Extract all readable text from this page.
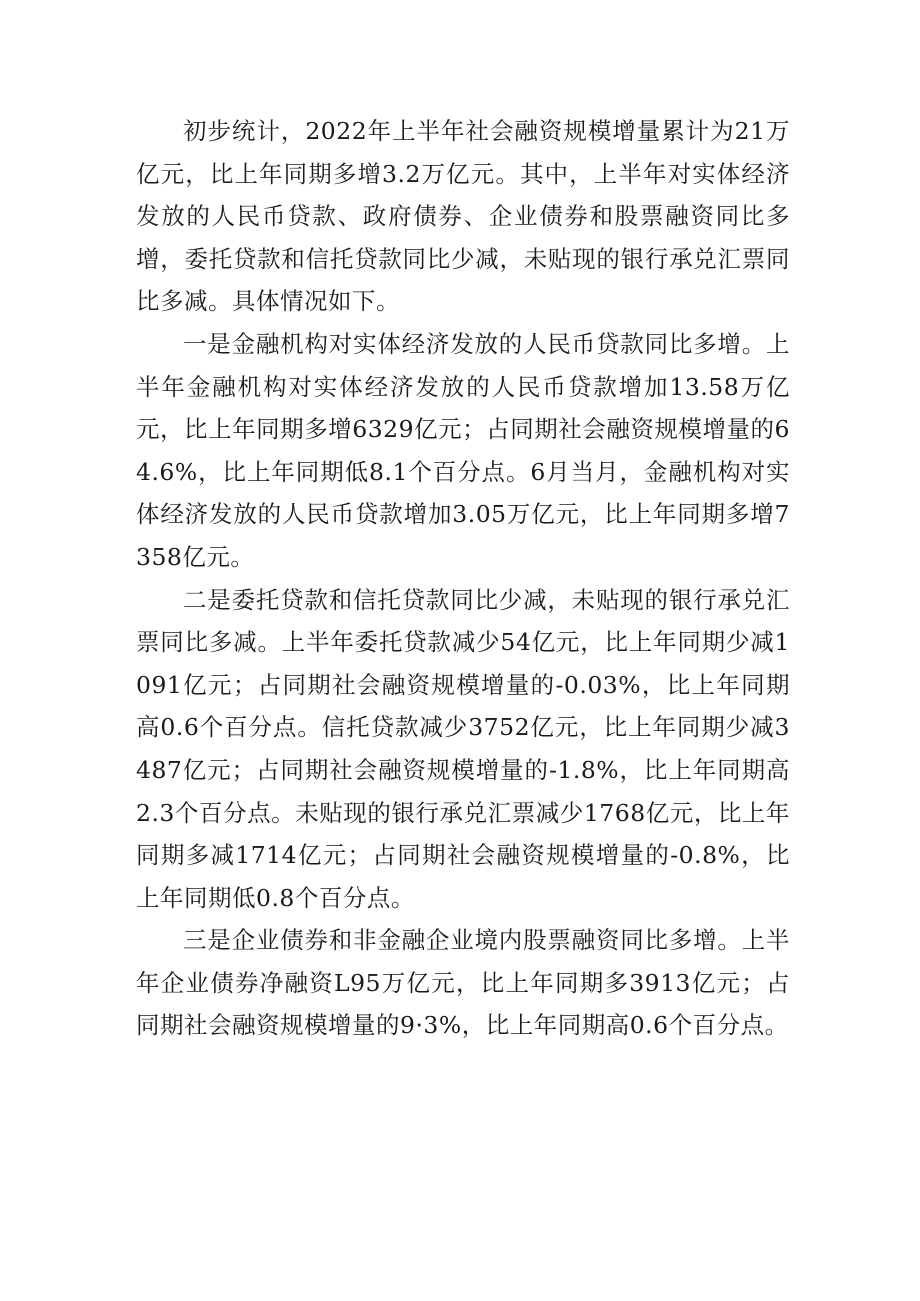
初步统计，2022年上半年社会融资规模增量累计为21万亿元，比上年同期多增3.2万亿元。其中，上半年对实体经济发放的人民币贷款、政府债券、企业债券和股票融资同比多增，委托贷款和信托贷款同比少减，未贴现的银行承兑汇票同比多减。具体情况如下。

一是金融机构对实体经济发放的人民币贷款同比多增。上半年金融机构对实体经济发放的人民币贷款增加13.58万亿元，比上年同期多增6329亿元；占同期社会融资规模增量的64.6%，比上年同期低8.1个百分点。6月当月，金融机构对实体经济发放的人民币贷款增加3.05万亿元，比上年同期多增7358亿元。

二是委托贷款和信托贷款同比少减，未贴现的银行承兑汇票同比多减。上半年委托贷款减少54亿元，比上年同期少减1091亿元；占同期社会融资规模增量的-0.03%，比上年同期高0.6个百分点。信托贷款减少3752亿元，比上年同期少减3487亿元；占同期社会融资规模增量的-1.8%，比上年同期高2.3个百分点。未贴现的银行承兑汇票减少1768亿元，比上年同期多减1714亿元；占同期社会融资规模增量的-0.8%，比上年同期低0.8个百分点。

三是企业债券和非金融企业境内股票融资同比多增。上半年企业债券净融资L95万亿元，比上年同期多3913亿元；占同期社会融资规模增量的9·3%，比上年同期高0.6个百分点。
